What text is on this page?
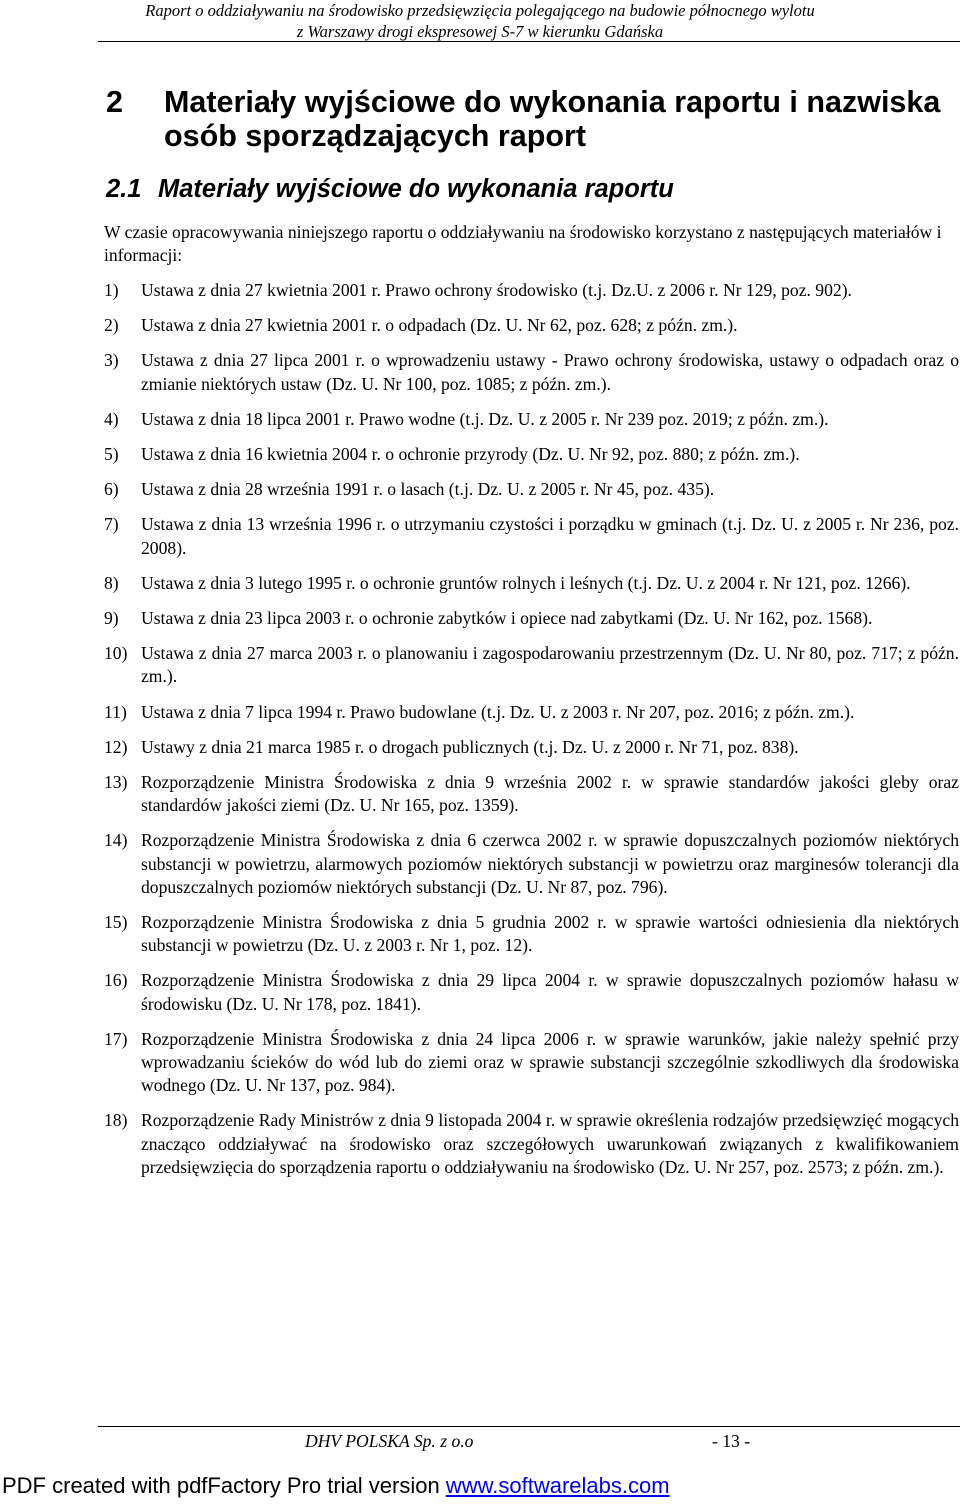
Raport o oddziaływaniu na środowisko przedsięwzięcia polegającego na budowie północnego wylotu
z Warszawy drogi ekspresowej S-7 w kierunku Gdańska
2 Materiały wyjściowe do wykonania raportu i nazwiska osób sporządzających raport
2.1 Materiały wyjściowe do wykonania raportu
W czasie opracowywania niniejszego raportu o oddziaływaniu na środowisko korzystano z następujących materiałów i informacji:
1) Ustawa z dnia 27 kwietnia 2001 r. Prawo ochrony środowisko (t.j. Dz.U. z 2006 r. Nr 129, poz. 902).
2) Ustawa z dnia 27 kwietnia 2001 r. o odpadach (Dz. U. Nr 62, poz. 628; z późn. zm.).
3) Ustawa z dnia 27 lipca 2001 r. o wprowadzeniu ustawy - Prawo ochrony środowiska, ustawy o odpadach oraz o zmianie niektórych ustaw (Dz. U. Nr 100, poz. 1085; z późn. zm.).
4) Ustawa z dnia 18 lipca 2001 r. Prawo wodne (t.j. Dz. U. z 2005 r. Nr 239 poz. 2019; z późn. zm.).
5) Ustawa z dnia 16 kwietnia 2004 r. o ochronie przyrody (Dz. U. Nr 92, poz. 880; z późn. zm.).
6) Ustawa z dnia 28 września 1991 r. o lasach (t.j. Dz. U. z 2005 r. Nr 45, poz. 435).
7) Ustawa z dnia 13 września 1996 r. o utrzymaniu czystości i porządku w gminach (t.j. Dz. U. z 2005 r. Nr 236, poz. 2008).
8) Ustawa z dnia 3 lutego 1995 r. o ochronie gruntów rolnych i leśnych (t.j. Dz. U. z 2004 r. Nr 121, poz. 1266).
9) Ustawa z dnia 23 lipca 2003 r. o ochronie zabytków i opiece nad zabytkami (Dz. U. Nr 162, poz. 1568).
10) Ustawa z dnia 27 marca 2003 r. o planowaniu i zagospodarowaniu przestrzennym (Dz. U. Nr 80, poz. 717; z późn. zm.).
11) Ustawa z dnia 7 lipca 1994 r. Prawo budowlane (t.j. Dz. U. z 2003 r. Nr 207, poz. 2016; z późn. zm.).
12) Ustawy z dnia 21 marca 1985 r. o drogach publicznych (t.j. Dz. U. z 2000 r. Nr 71, poz. 838).
13) Rozporządzenie Ministra Środowiska z dnia 9 września 2002 r. w sprawie standardów jakości gleby oraz standardów jakości ziemi (Dz. U. Nr 165, poz. 1359).
14) Rozporządzenie Ministra Środowiska z dnia 6 czerwca 2002 r. w sprawie dopuszczalnych poziomów niektórych substancji w powietrzu, alarmowych poziomów niektórych substancji w powietrzu oraz marginesów tolerancji dla dopuszczalnych poziomów niektórych substancji (Dz. U. Nr 87, poz. 796).
15) Rozporządzenie Ministra Środowiska z dnia 5 grudnia 2002 r. w sprawie wartości odniesienia dla niektórych substancji w powietrzu (Dz. U. z 2003 r. Nr 1, poz. 12).
16) Rozporządzenie Ministra Środowiska z dnia 29 lipca 2004 r. w sprawie dopuszczalnych poziomów hałasu w środowisku (Dz. U. Nr 178, poz. 1841).
17) Rozporządzenie Ministra Środowiska z dnia 24 lipca 2006 r. w sprawie warunków, jakie należy spełnić przy wprowadzaniu ścieków do wód lub do ziemi oraz w sprawie substancji szczególnie szkodliwych dla środowiska wodnego (Dz. U. Nr 137, poz. 984).
18) Rozporządzenie Rady Ministrów z dnia 9 listopada 2004 r. w sprawie określenia rodzajów przedsięwzięć mogących znacząco oddziaływać na środowisko oraz szczegółowych uwarunkowań związanych z kwalifikowaniem przedsięwzięcia do sporządzenia raportu o oddziaływaniu na środowisko (Dz. U. Nr 257, poz. 2573; z późn. zm.).
DHV POLSKA Sp. z o.o	- 13 -
PDF created with pdfFactory Pro trial version www.softwarelabs.com
